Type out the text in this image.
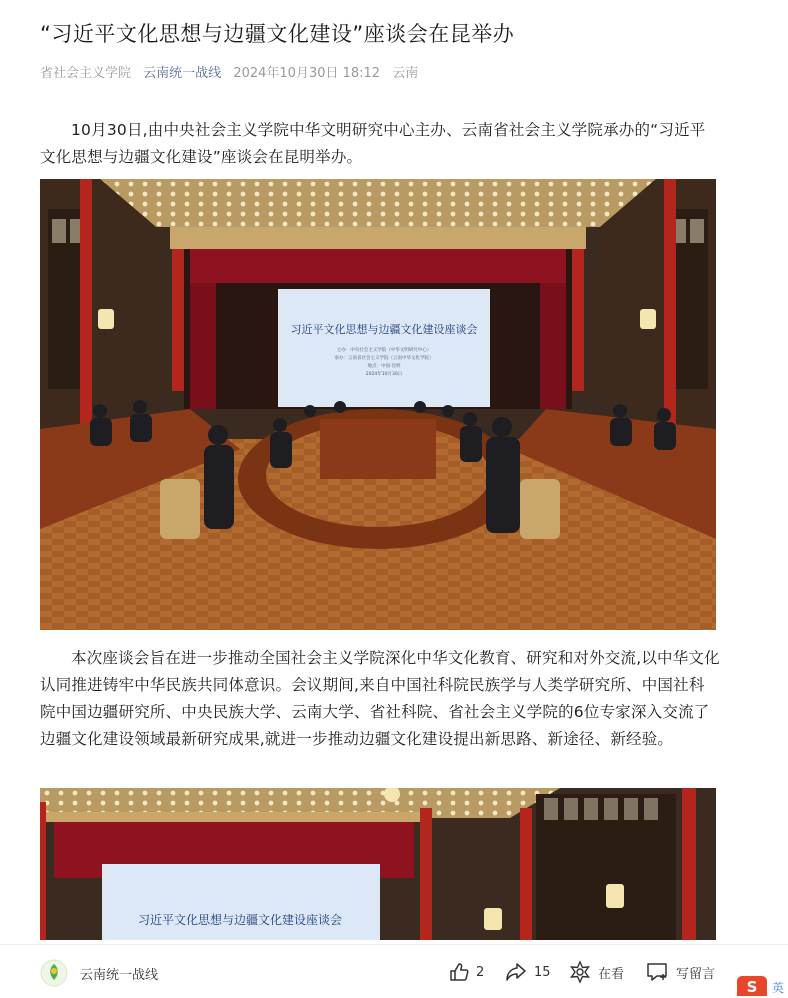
“习近平文化思想与边疆文化建设”座谈会在昆举办
省社会主义学院 云南统一战线 2024年10月30日 18:12 云南

10月30日,由中央社会主义学院中华文明研究中心主办、云南省社会主义学院承办的“习近平文化思想与边疆文化建设”座谈会在昆明举办。

习近平文化思想与边疆文化建设座谈会
主办：中央社会主义学院（中华文明研究中心）
承办：云南省社会主义学院（云南中华文化学院）
地点：中国·昆明
2024年10月30日

本次座谈会旨在进一步推动全国社会主义学院深化中华文化教育、研究和对外交流,以中华文化认同推进铸牢中华民族共同体意识。会议期间,来自中国社科院民族学与人类学研究所、中国社科院中国边疆研究所、中央民族大学、云南大学、省社科院、省社会主义学院的6位专家深入交流了边疆文化建设领域最新研究成果,就进一步推动边疆文化建设提出新思路、新途径、新经验。

习近平文化思想与边疆文化建设座谈会
云南统一战线	2	15	在看	写留言
S	英
